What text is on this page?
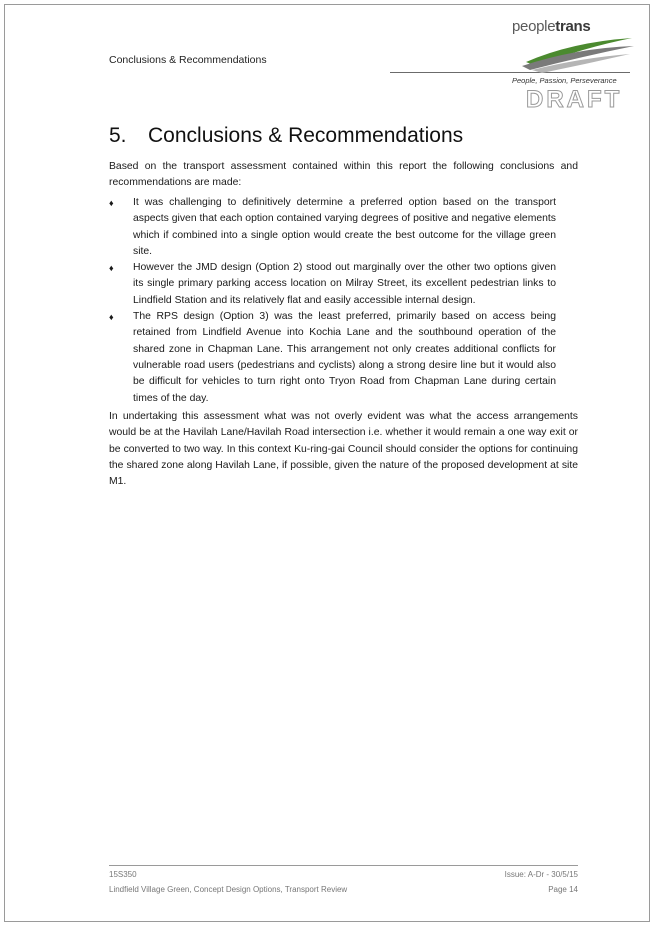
Conclusions & Recommendations
peopletrans
People, Passion, Perseverance
DRAFT
5. Conclusions & Recommendations

Based on the transport assessment contained within this report the following conclusions and recommendations are made:

♦ It was challenging to definitively determine a preferred option based on the transport aspects given that each option contained varying degrees of positive and negative elements which if combined into a single option would create the best outcome for the village green site.
♦ However the JMD design (Option 2) stood out marginally over the other two options given its single primary parking access location on Milray Street, its excellent pedestrian links to Lindfield Station and its relatively flat and easily accessible internal design.
♦ The RPS design (Option 3) was the least preferred, primarily based on access being retained from Lindfield Avenue into Kochia Lane and the southbound operation of the shared zone in Chapman Lane. This arrangement not only creates additional conflicts for vulnerable road users (pedestrians and cyclists) along a strong desire line but it would also be difficult for vehicles to turn right onto Tryon Road from Chapman Lane during certain times of the day.

In undertaking this assessment what was not overly evident was what the access arrangements would be at the Havilah Lane/Havilah Road intersection i.e. whether it would remain a one way exit or be converted to two way. In this context Ku-ring-gai Council should consider the options for continuing the shared zone along Havilah Lane, if possible, given the nature of the proposed development at site M1.

15S350	Issue: A-Dr - 30/5/15
Lindfield Village Green, Concept Design Options, Transport Review	Page 14
